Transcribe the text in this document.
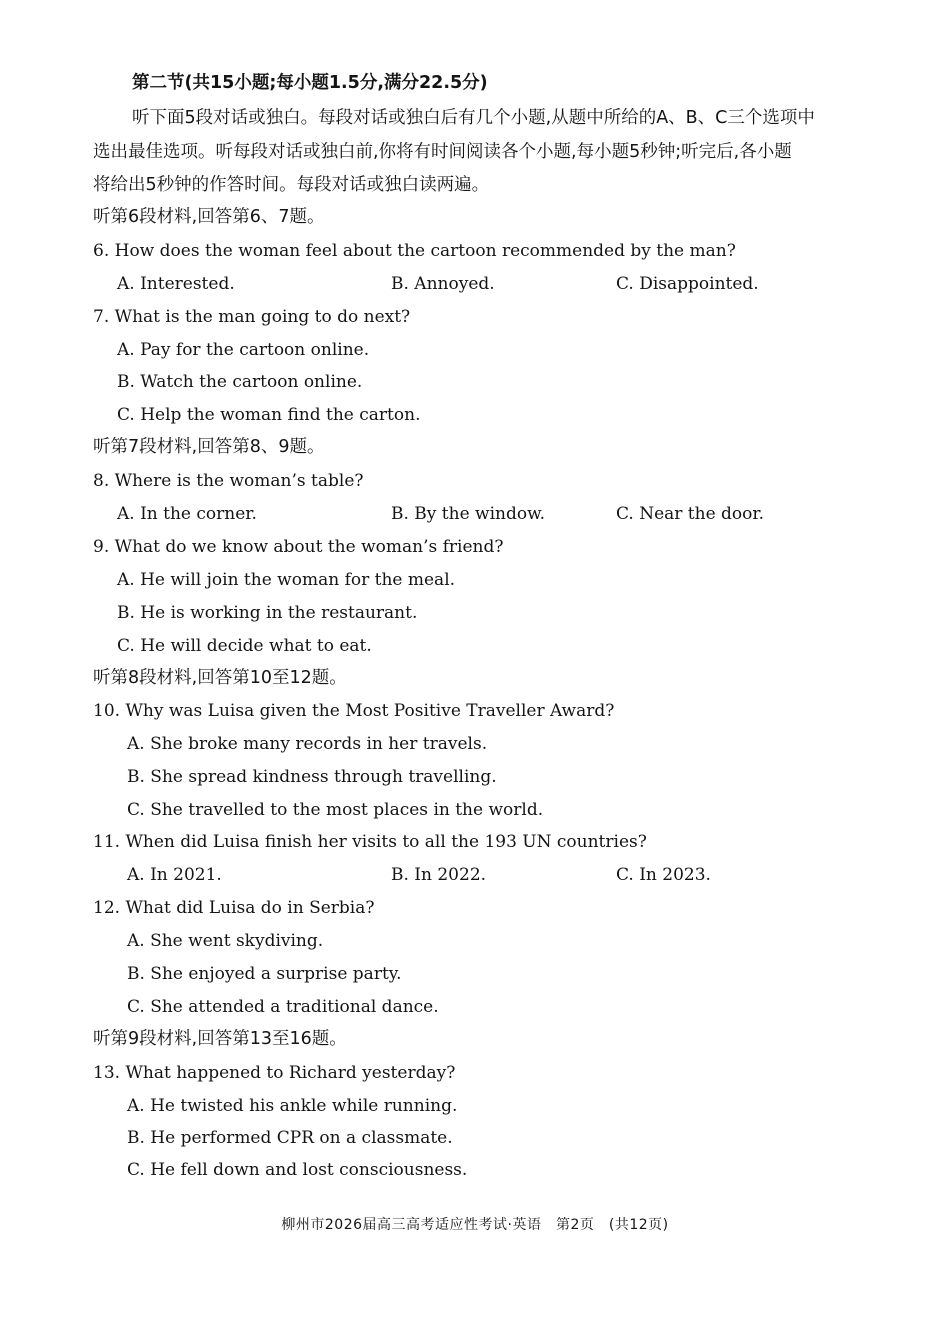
第二节(共15小题;每小题1.5分,满分22.5分)
听下面5段对话或独白。每段对话或独白后有几个小题,从题中所给的A、B、C三个选项中
选出最佳选项。听每段对话或独白前,你将有时间阅读各个小题,每小题5秒钟;听完后,各小题
将给出5秒钟的作答时间。每段对话或独白读两遍。
听第6段材料,回答第6、7题。
6. How does the woman feel about the cartoon recommended by the man?
A. Interested.	B. Annoyed.	C. Disappointed.
7. What is the man going to do next?
A. Pay for the cartoon online.
B. Watch the cartoon online.
C. Help the woman find the carton.
听第7段材料,回答第8、9题。
8. Where is the woman’s table?
A. In the corner.	B. By the window.	C. Near the door.
9. What do we know about the woman’s friend?
A. He will join the woman for the meal.
B. He is working in the restaurant.
C. He will decide what to eat.
听第8段材料,回答第10至12题。
10. Why was Luisa given the Most Positive Traveller Award?
A. She broke many records in her travels.
B. She spread kindness through travelling.
C. She travelled to the most places in the world.
11. When did Luisa finish her visits to all the 193 UN countries?
A. In 2021.	B. In 2022.	C. In 2023.
12. What did Luisa do in Serbia?
A. She went skydiving.
B. She enjoyed a surprise party.
C. She attended a traditional dance.
听第9段材料,回答第13至16题。
13. What happened to Richard yesterday?
A. He twisted his ankle while running.
B. He performed CPR on a classmate.
C. He fell down and lost consciousness.
柳州市2026届高三高考适应性考试·英语　第2页　(共12页)
